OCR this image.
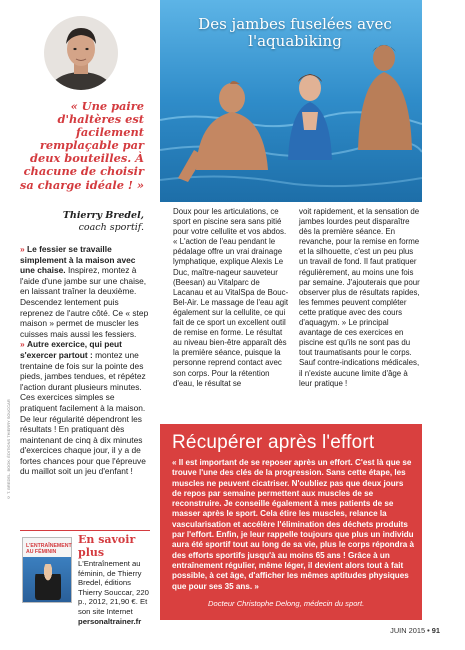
© T. BREDEL. BOOK: ÉDITIONS THIERRY SOUCCAR
« Une paire d'haltères est facilement remplaçable par deux bouteilles. À chacune de choisir sa charge idéale ! »
Thierry Bredel,
coach sportif.

» Le fessier se travaille simplement à la maison avec une chaise. Inspirez, montez à l'aide d'une jambe sur une chaise, en laissant traîner la deuxième. Descendez lentement puis reprenez de l'autre côté. Ce « step maison » permet de muscler les cuisses mais aussi les fessiers.

» Autre exercice, qui peut s'exercer partout : montez une trentaine de fois sur la pointe des pieds, jambes tendues, et répétez l'action durant plusieurs minutes. Ces exercices simples se pratiquent facilement à la maison. De leur régularité dépendront les résultats ! En pratiquant dès maintenant de cinq à dix minutes d'exercices chaque jour, il y a de fortes chances pour que l'épreuve du maillot soit un jeu d'enfant !

L'ENTRAÎNEMENT AU FÉMININ
En savoir plus
L'Entraînement au féminin, de Thierry Bredel, éditions Thierry Souccar, 220 p., 2012, 21,90 €. Et son site Internet personaltrainer.fr
Des jambes fuselées avec l'aquabiking
Doux pour les articulations, ce sport en piscine sera sans pitié pour votre cellulite et vos abdos. « L'action de l'eau pendant le pédalage offre un vrai drainage lymphatique, explique Alexis Le Duc, maître-nageur sauveteur (Beesan) au Vitalparc de Lacanau et au VitalSpa de Bouc-Bel-Air. Le massage de l'eau agit également sur la cellulite, ce qui fait de ce sport un excellent outil de remise en forme. Le résultat au niveau bien-être apparaît dès la première séance, puisque la personne reprend contact avec son corps. Pour la rétention d'eau, le résultat se
voit rapidement, et la sensation de jambes lourdes peut disparaître dès la première séance. En revanche, pour la remise en forme et la silhouette, c'est un peu plus un travail de fond. Il faut pratiquer régulièrement, au moins une fois par semaine. J'ajouterais que pour observer plus de résultats rapides, les femmes peuvent compléter cette pratique avec des cours d'aquagym. » Le principal avantage de ces exercices en piscine est qu'ils ne sont pas du tout traumatisants pour le corps. Sauf contre-indications médicales, il n'existe aucune limite d'âge à leur pratique !
Récupérer après l'effort
« Il est important de se reposer après un effort. C'est là que se trouve l'une des clés de la progression. Sans cette étape, les muscles ne peuvent cicatriser. N'oubliez pas que deux jours de repos par semaine permettent aux muscles de se reconstruire. Je conseille également à mes patients de se masser après le sport. Cela étire les muscles, relance la vascularisation et accélère l'élimination des déchets produits par l'effort. Enfin, je leur rappelle toujours que plus un individu aura été sportif tout au long de sa vie, plus le corps répondra à des efforts sportifs jusqu'à au moins 65 ans ! Grâce à un entraînement régulier, même léger, il devient alors tout à fait possible, à cet âge, d'afficher les mêmes aptitudes physiques que pour ses 35 ans. »
Docteur Christophe Delong, médecin du sport.
JUIN 2015 • 91
